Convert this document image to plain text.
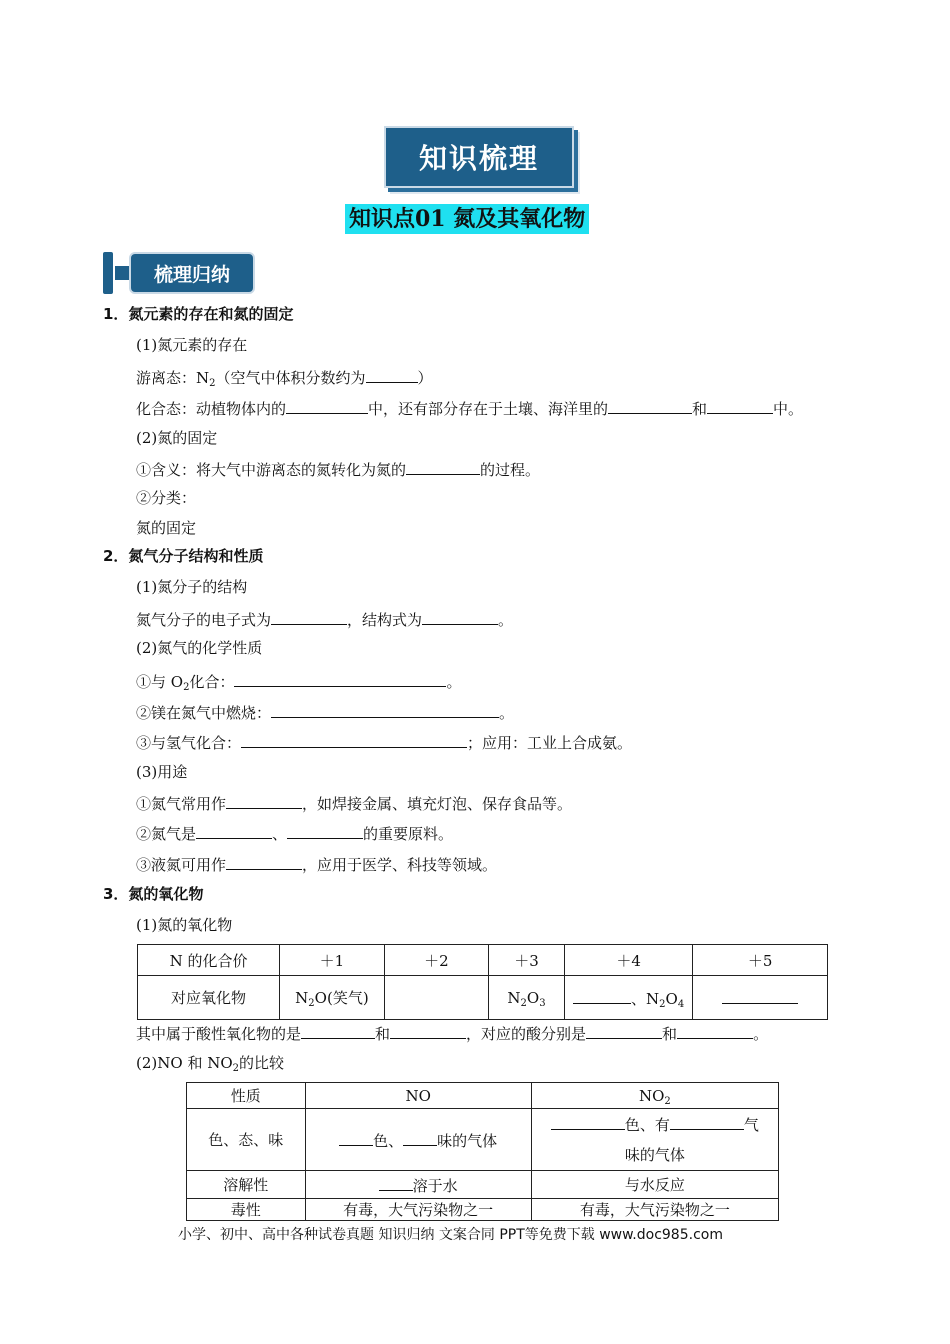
知识梳理
知识点01 氮及其氧化物
梳理归纳
1．氮元素的存在和氮的固定
(1)氮元素的存在
游离态：$N_2$（空气中体积分数约为	）
化合态：动植物体内的	中，还有部分存在于土壤、海洋里的	和	中。
(2)氮的固定
①含义：将大气中游离态的氮转化为氮的	的过程。
②分类：
氮的固定
2．氮气分子结构和性质
(1)氮分子的结构
氮气分子的电子式为	，结构式为	。
(2)氮气的化学性质
①与 $O_2$化合：	。
②镁在氮气中燃烧：	。
③与氢气化合：	；应用：工业上合成氨。
(3)用途
①氮气常用作	，如焊接金属、填充灯泡、保存食品等。
②氮气是	、	的重要原料。
③液氮可用作	，应用于医学、科技等领域。
3．氮的氧化物
(1)氮的氧化物
N 的化合价	＋1	＋2	＋3	＋4	＋5
对应氧化物	$N_2O$(笑气)		$N_2O_3$	、$N_2O_4$	
其中属于酸性氧化物的是	和	，对应的酸分别是	和	。
(2)NO 和 $NO_2$的比较
性质	NO	$NO_2$
色、态、味	色、 味的气体	色、有 气
味的气体
溶解性	溶于水	与水反应
毒性	有毒，大气污染物之一	有毒，大气污染物之一
小学、初中、高中各种试卷真题 知识归纳 文案合同 PPT等免费下载 www.doc985.com
